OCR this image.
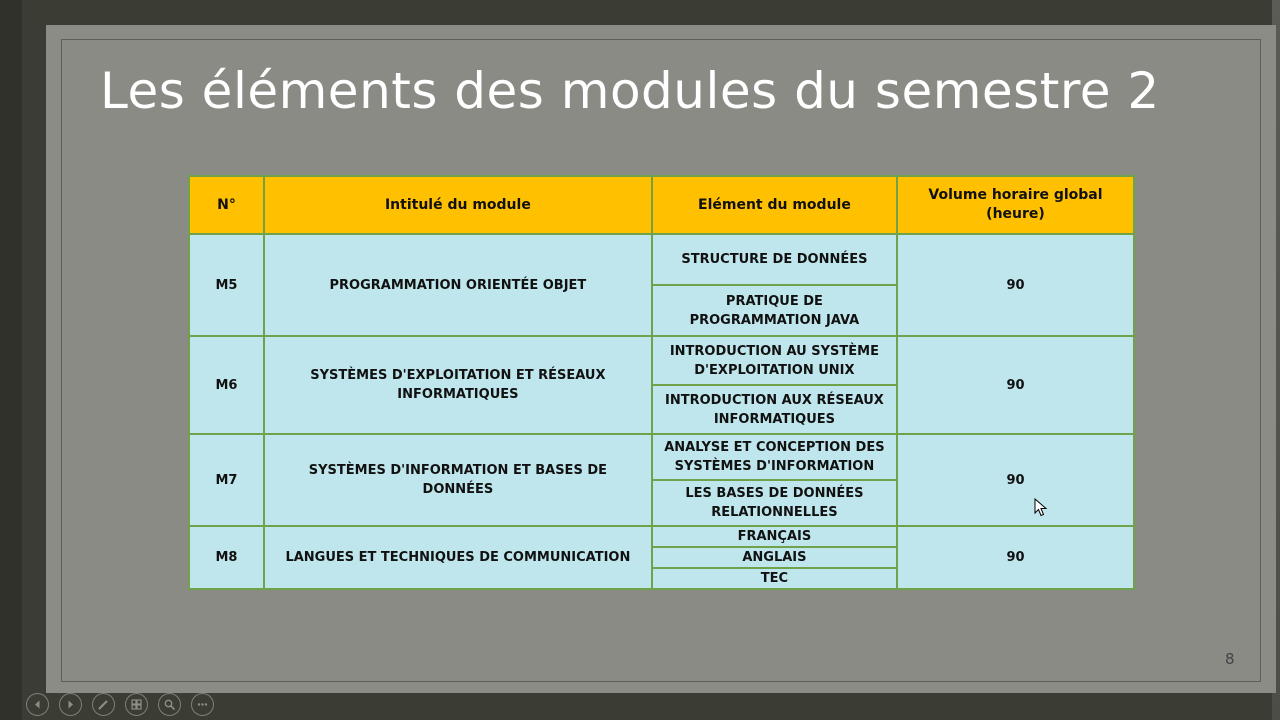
Les éléments des modules du semestre 2
N°	Intitulé du module	Elément du module	Volume horaire global (heure)
M5	PROGRAMMATION ORIENTÉE OBJET	STRUCTURE DE DONNÉES	90
		PRATIQUE DE PROGRAMMATION JAVA	
M6	SYSTÈMES D'EXPLOITATION ET RÉSEAUX INFORMATIQUES	INTRODUCTION AU SYSTÈME D'EXPLOITATION UNIX	90
		INTRODUCTION AUX RÉSEAUX INFORMATIQUES	
M7	SYSTÈMES D'INFORMATION ET BASES DE DONNÉES	ANALYSE ET CONCEPTION DES SYSTÈMES D'INFORMATION	90
		LES BASES DE DONNÉES RELATIONNELLES	
M8	LANGUES ET TECHNIQUES DE COMMUNICATION	FRANÇAIS	90
		ANGLAIS	
		TEC	
8
